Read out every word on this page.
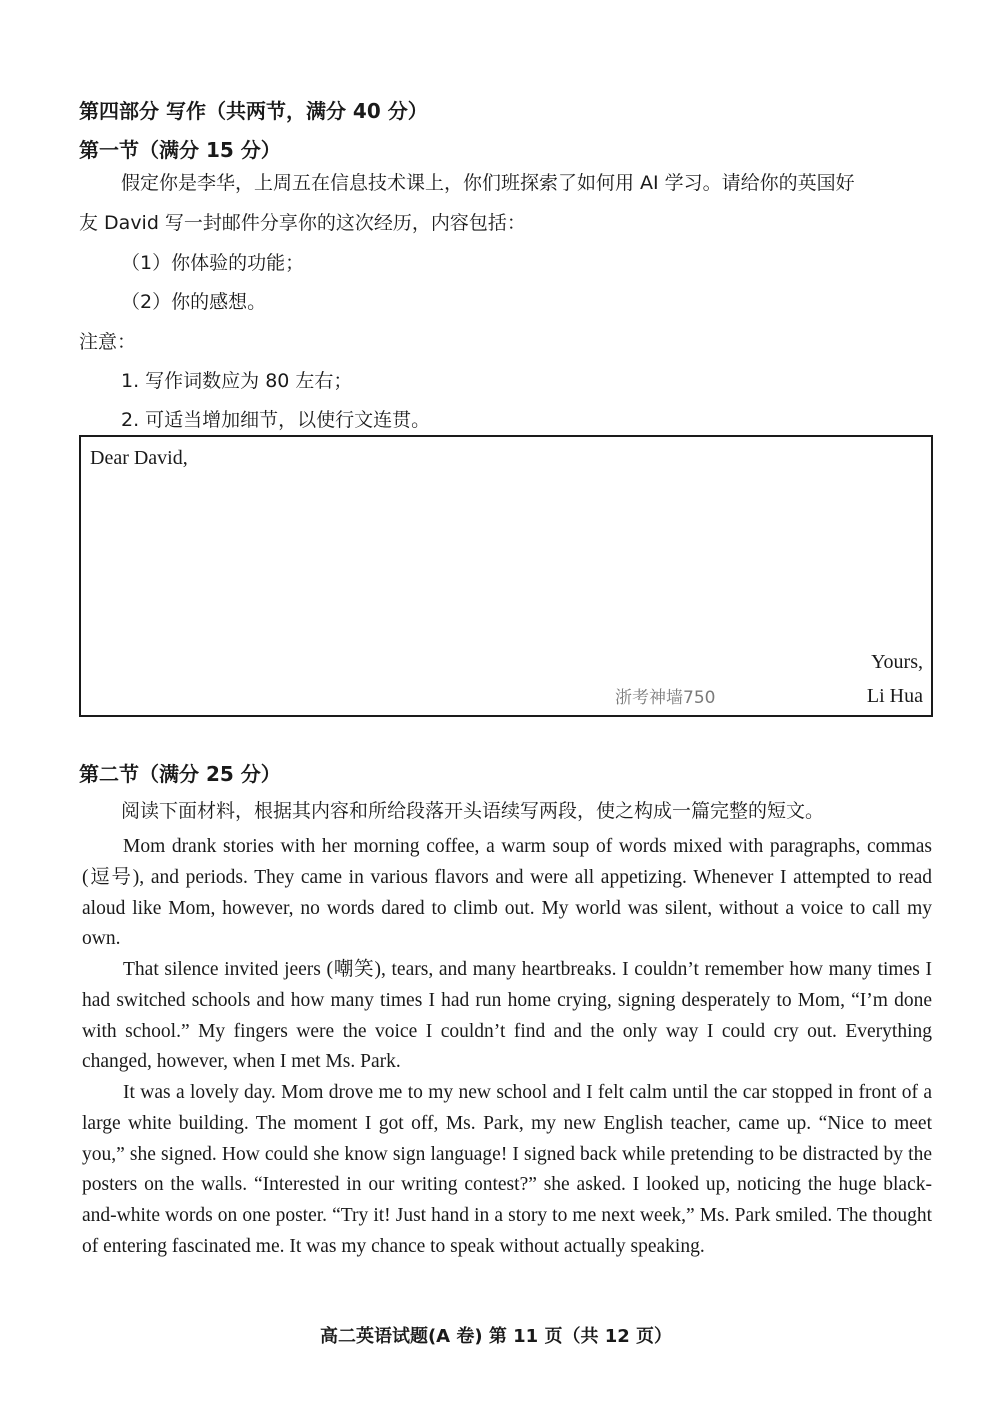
第四部分 写作（共两节，满分 40 分）
第一节（满分 15 分）
假定你是李华，上周五在信息技术课上，你们班探索了如何用 AI 学习。请给你的英国好
友 David 写一封邮件分享你的这次经历，内容包括：
（1）你体验的功能；
（2）你的感想。
注意：
1. 写作词数应为 80 左右；
2. 可适当增加细节，以使行文连贯。
Dear David,
Yours,
浙考神墙750	Li Hua
第二节（满分 25 分）
阅读下面材料，根据其内容和所给段落开头语续写两段，使之构成一篇完整的短文。
Mom drank stories with her morning coffee, a warm soup of words mixed with paragraphs, commas (逗号), and periods. They came in various flavors and were all appetizing. Whenever I attempted to read aloud like Mom, however, no words dared to climb out. My world was silent, without a voice to call my own.
That silence invited jeers (嘲笑), tears, and many heartbreaks. I couldn’t remember how many times I had switched schools and how many times I had run home crying, signing desperately to Mom, “I’m done with school.” My fingers were the voice I couldn’t find and the only way I could cry out. Everything changed, however, when I met Ms. Park.
It was a lovely day. Mom drove me to my new school and I felt calm until the car stopped in front of a large white building. The moment I got off, Ms. Park, my new English teacher, came up. “Nice to meet you,” she signed. How could she know sign language! I signed back while pretending to be distracted by the posters on the walls. “Interested in our writing contest?” she asked. I looked up, noticing the huge black-and-white words on one poster. “Try it! Just hand in a story to me next week,” Ms. Park smiled. The thought of entering fascinated me. It was my chance to speak without actually speaking.
高二英语试题(A 卷) 第 11 页（共 12 页）
